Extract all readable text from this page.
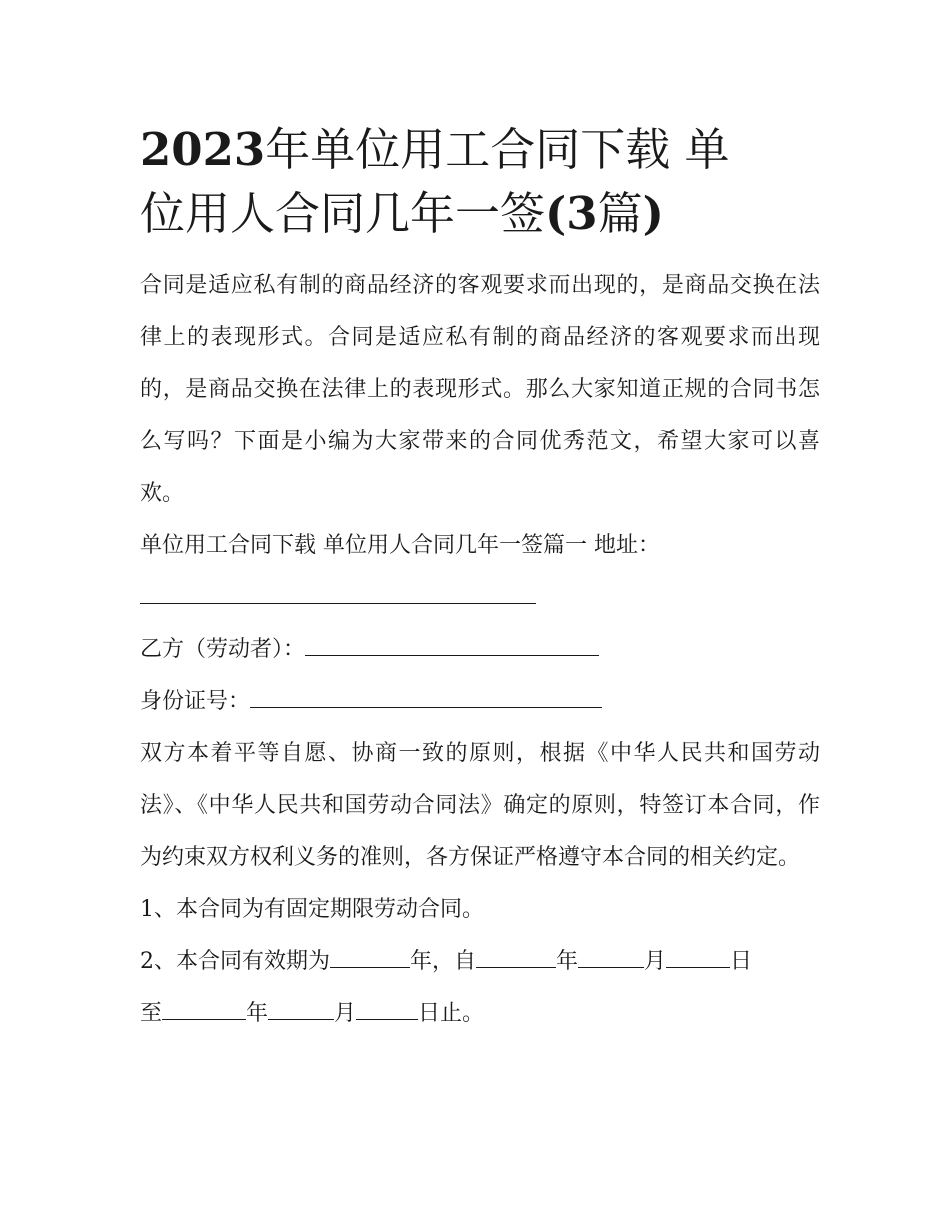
2023年单位用工合同下载 单
位用人合同几年一签(3篇)

合同是适应私有制的商品经济的客观要求而出现的，是商品交换在法律上的表现形式。合同是适应私有制的商品经济的客观要求而出现的，是商品交换在法律上的表现形式。那么大家知道正规的合同书怎么写吗？下面是小编为大家带来的合同优秀范文，希望大家可以喜欢。

单位用工合同下载 单位用人合同几年一签篇一 地址：

乙方（劳动者）：

身份证号：

双方本着平等自愿、协商一致的原则，根据《中华人民共和国劳动法》、《中华人民共和国劳动合同法》确定的原则，特签订本合同，作为约束双方权利义务的准则，各方保证严格遵守本合同的相关约定。

1、本合同为有固定期限劳动合同。

2、本合同有效期为	年，自	年	月	日
至	年	月	日止。
